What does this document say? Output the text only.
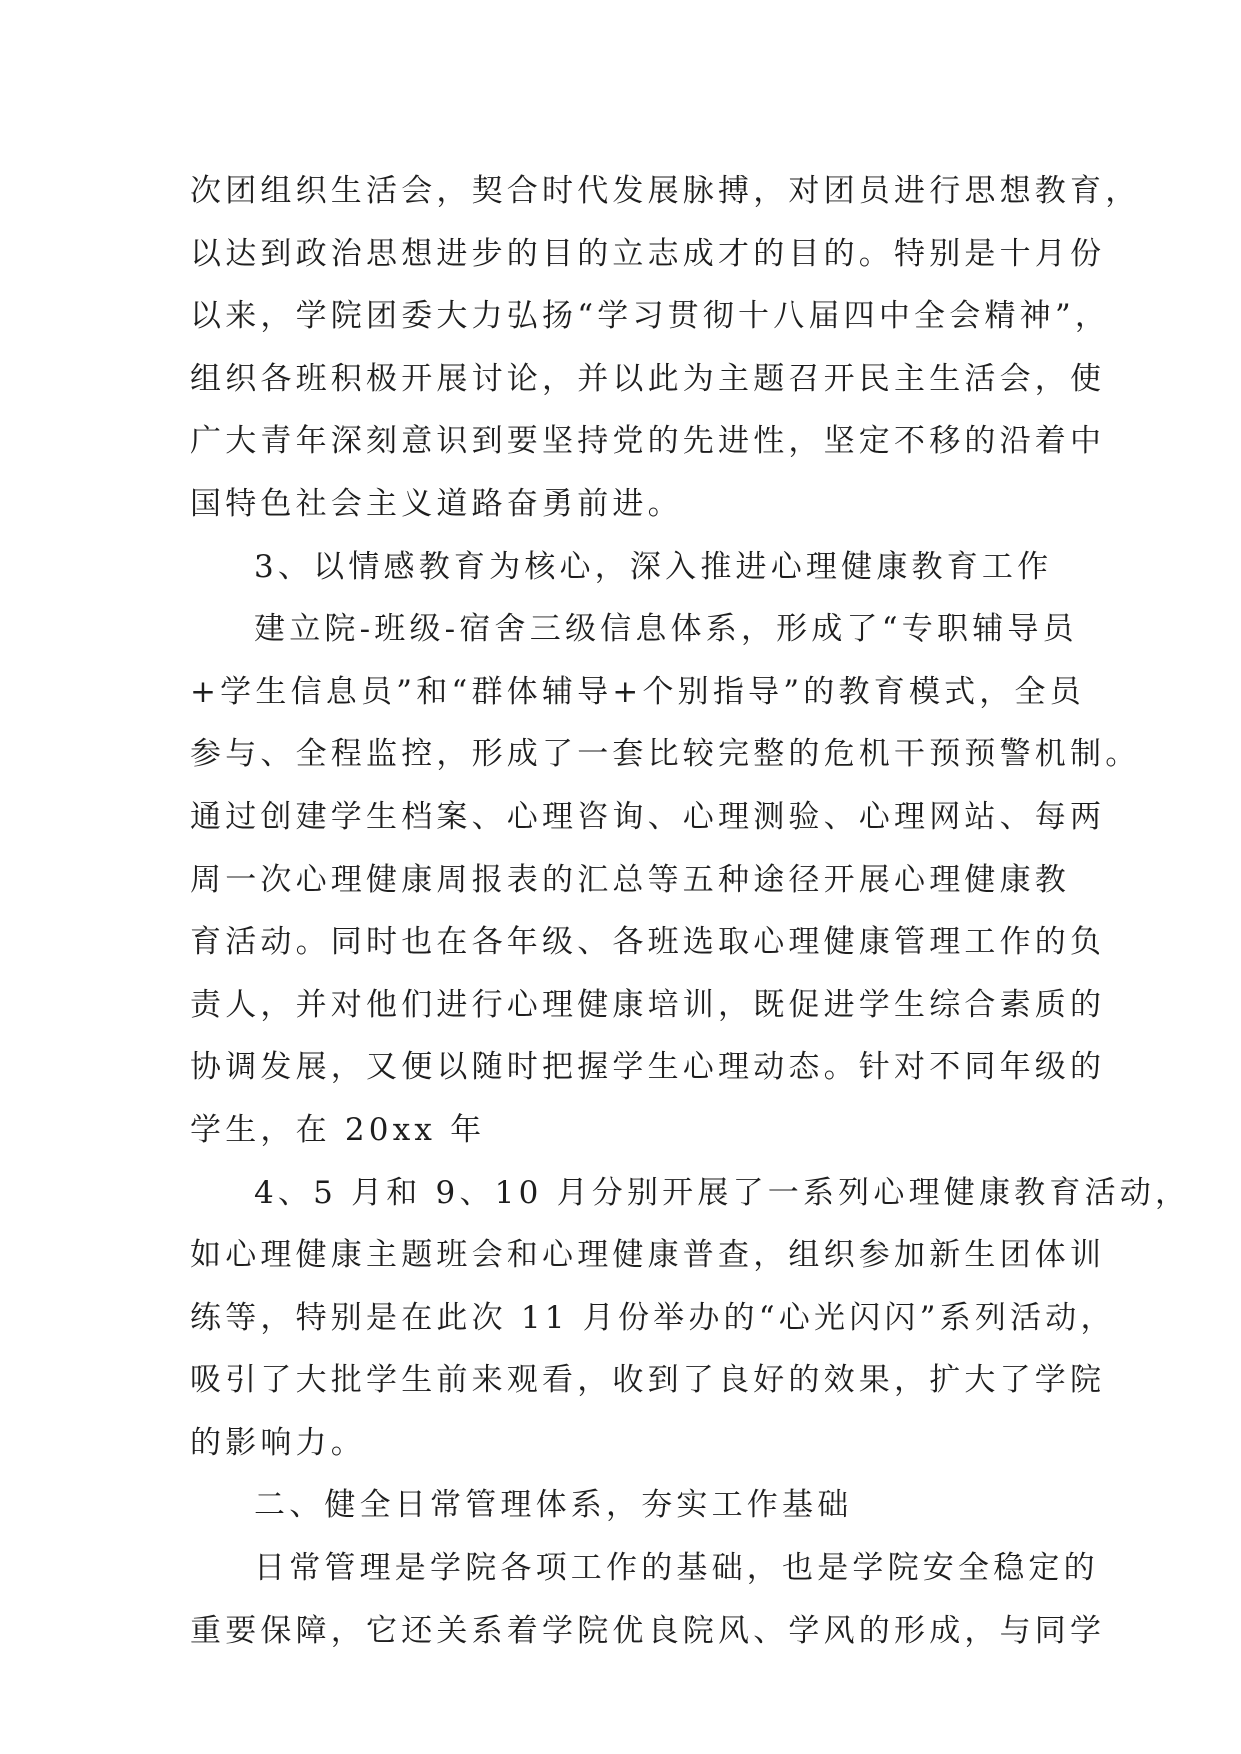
次团组织生活会，契合时代发展脉搏，对团员进行思想教育，
以达到政治思想进步的目的立志成才的目的。特别是十月份
以来，学院团委大力弘扬“学习贯彻十八届四中全会精神”，
组织各班积极开展讨论，并以此为主题召开民主生活会，使
广大青年深刻意识到要坚持党的先进性，坚定不移的沿着中
国特色社会主义道路奋勇前进。
3、以情感教育为核心，深入推进心理健康教育工作
建立院-班级-宿舍三级信息体系，形成了“专职辅导员
+学生信息员”和“群体辅导+个别指导”的教育模式，全员
参与、全程监控，形成了一套比较完整的危机干预预警机制。
通过创建学生档案、心理咨询、心理测验、心理网站、每两
周一次心理健康周报表的汇总等五种途径开展心理健康教
育活动。同时也在各年级、各班选取心理健康管理工作的负
责人，并对他们进行心理健康培训，既促进学生综合素质的
协调发展，又便以随时把握学生心理动态。针对不同年级的
学生，在 20xx 年
4、5 月和 9、10 月分别开展了一系列心理健康教育活动，
如心理健康主题班会和心理健康普查，组织参加新生团体训
练等，特别是在此次 11 月份举办的“心光闪闪”系列活动，
吸引了大批学生前来观看，收到了良好的效果，扩大了学院
的影响力。
二、健全日常管理体系，夯实工作基础
日常管理是学院各项工作的基础，也是学院安全稳定的
重要保障，它还关系着学院优良院风、学风的形成，与同学
